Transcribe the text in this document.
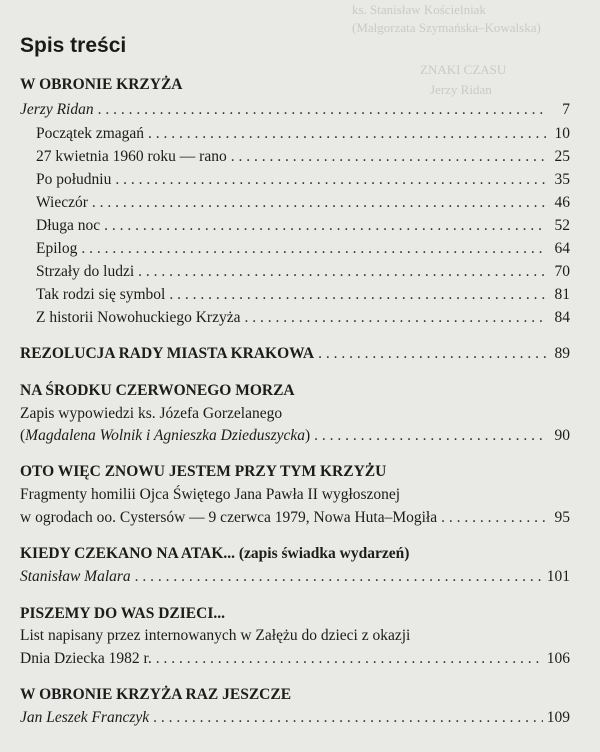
ks. Stanisław Kościelniak
(Małgorzata Szymańska–Kowalska)
ZNAKI CZASU
Jerzy Ridan
Spis treści
W OBRONIE KRZYŻA
Jerzy Ridan . . .	7
Początek zmagań . . .	10
27 kwietnia 1960 roku — rano . . .	25
Po południu . . .	35
Wieczór . . .	46
Długa noc . . .	52
Epilog . . .	64
Strzały do ludzi . . .	70
Tak rodzi się symbol . . .	81
Z historii Nowohuckiego Krzyża . . .	84
REZOLUCJA RADY MIASTA KRAKOWA . . .	89
NA ŚRODKU CZERWONEGO MORZA
Zapis wypowiedzi ks. Józefa Gorzelanego
(Magdalena Wolnik i Agnieszka Dzieduszycka) . . .	90
OTO WIĘC ZNOWU JESTEM PRZY TYM KRZYŻU
Fragmenty homilii Ojca Świętego Jana Pawła II wygłoszonej
w ogrodach oo. Cystersów — 9 czerwca 1979, Nowa Huta–Mogiła . . .	95
KIEDY CZEKANO NA ATAK... (zapis świadka wydarzeń)
Stanisław Malara . . .	101
PISZEMY DO WAS DZIECI...
List napisany przez internowanych w Załężu do dzieci z okazji
Dnia Dziecka 1982 r. . . .	106
W OBRONIE KRZYŻA RAZ JESZCZE
Jan Leszek Franczyk . . .	109
